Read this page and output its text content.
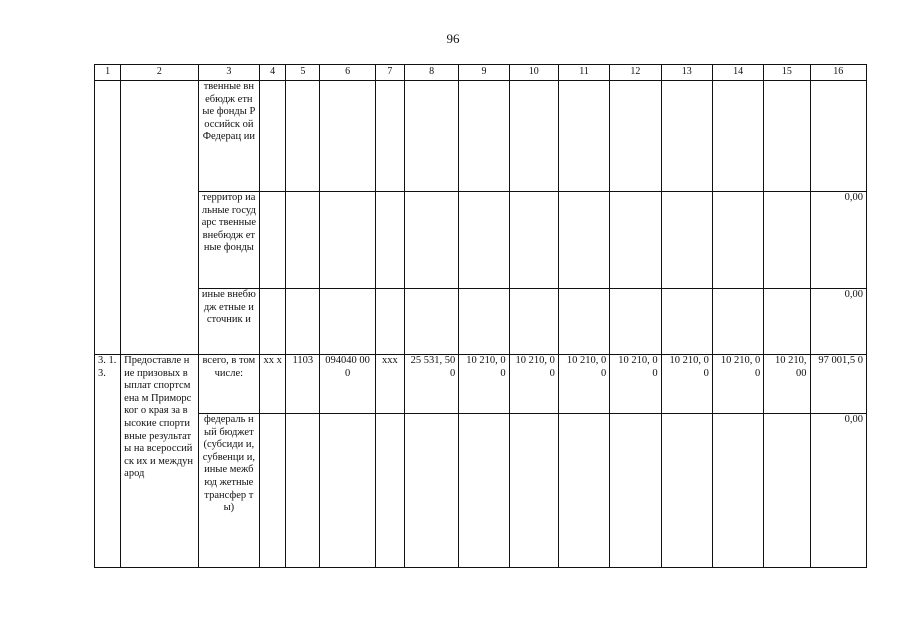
96
1	2	3	4	5	6	7	8	9	10	11	12	13	14	15	16
		твенные внебюдж етные фонды Российск ой Федерац ии													
		территор иальные государс твенные внебюдж етные фонды													0,00
		иные внебюдж етные источник и													0,00
3. 1. 3.	Предоставле ние призовых выплат спортсмена м Приморског о края за высокие спортивные результаты на всероссийск их и международ	всего, в том числе:	хх х	1103	094040 000	ххх	25 531, 500	10 210, 00	10 210, 00	10 210, 00	10 210, 00	10 210, 00	10 210, 00	10 210, 00	97 001,5 0
		федераль ный бюджет (субсиди и, субвенци и, иные межбюд жетные трансфер ты)													0,00
